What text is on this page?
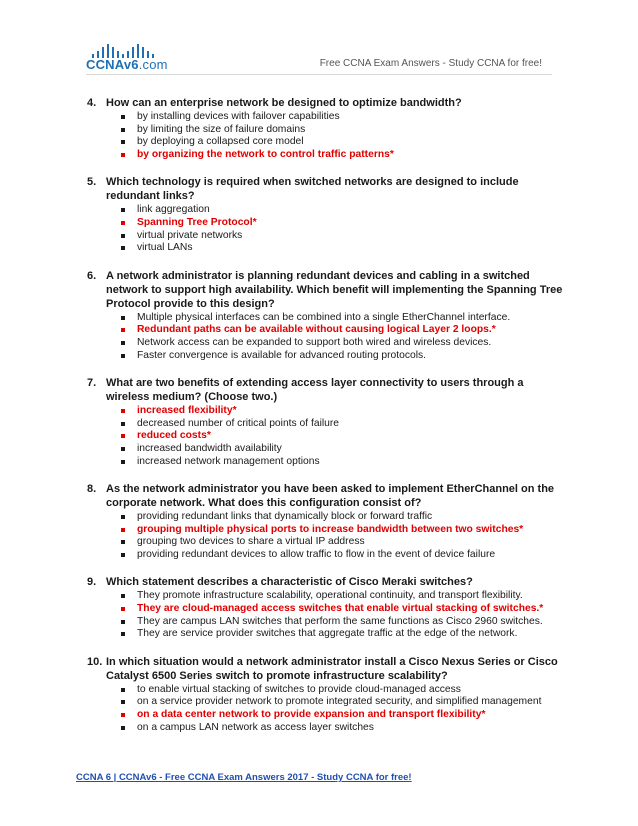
CCNAv6.com	Free CCNA Exam Answers - Study CCNA for free!
4. How can an enterprise network be designed to optimize bandwidth?
by installing devices with failover capabilities
by limiting the size of failure domains
by deploying a collapsed core model
by organizing the network to control traffic patterns*
5. Which technology is required when switched networks are designed to include redundant links?
link aggregation
Spanning Tree Protocol*
virtual private networks
virtual LANs
6. A network administrator is planning redundant devices and cabling in a switched network to support high availability. Which benefit will implementing the Spanning Tree Protocol provide to this design?
Multiple physical interfaces can be combined into a single EtherChannel interface.
Redundant paths can be available without causing logical Layer 2 loops.*
Network access can be expanded to support both wired and wireless devices.
Faster convergence is available for advanced routing protocols.
7. What are two benefits of extending access layer connectivity to users through a wireless medium? (Choose two.)
increased flexibility*
decreased number of critical points of failure
reduced costs*
increased bandwidth availability
increased network management options
8. As the network administrator you have been asked to implement EtherChannel on the corporate network. What does this configuration consist of?
providing redundant links that dynamically block or forward traffic
grouping multiple physical ports to increase bandwidth between two switches*
grouping two devices to share a virtual IP address
providing redundant devices to allow traffic to flow in the event of device failure
9. Which statement describes a characteristic of Cisco Meraki switches?
They promote infrastructure scalability, operational continuity, and transport flexibility.
They are cloud-managed access switches that enable virtual stacking of switches.*
They are campus LAN switches that perform the same functions as Cisco 2960 switches.
They are service provider switches that aggregate traffic at the edge of the network.
10. In which situation would a network administrator install a Cisco Nexus Series or Cisco Catalyst 6500 Series switch to promote infrastructure scalability?
to enable virtual stacking of switches to provide cloud-managed access
on a service provider network to promote integrated security, and simplified management
on a data center network to provide expansion and transport flexibility*
on a campus LAN network as access layer switches
CCNA 6 | CCNAv6 - Free CCNA Exam Answers 2017 - Study CCNA for free!
